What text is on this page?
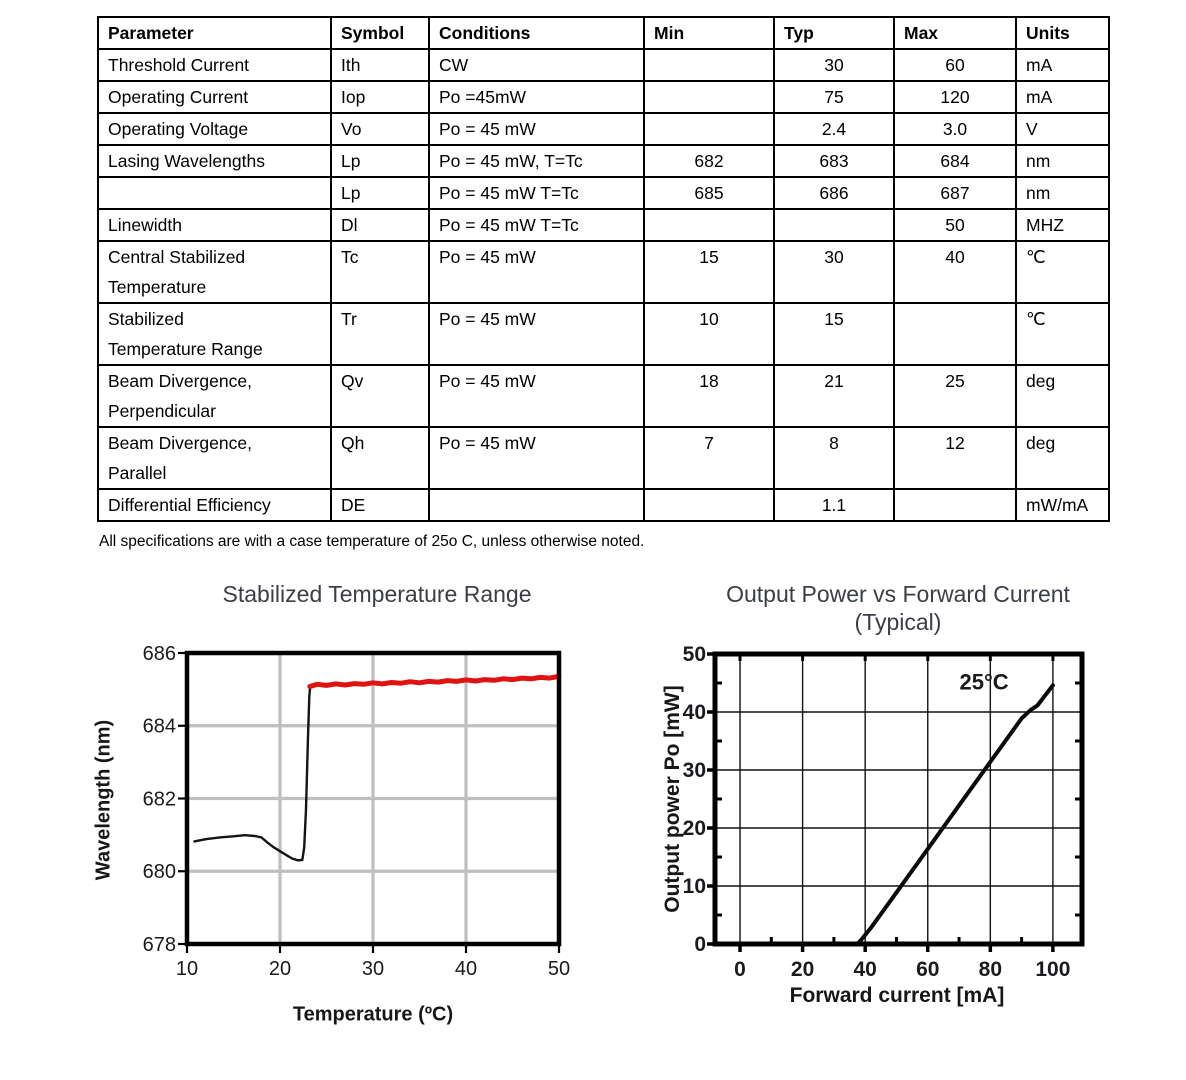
Parameter	Symbol	Conditions	Min	Typ	Max	Units

Threshold Current	Ith	CW		30	60	mA

Operating Current	Iop	Po =45mW		75	120	mA

Operating Voltage	Vo	Po = 45 mW		2.4	3.0	V

Lasing Wavelengths	Lp	Po = 45 mW, T=Tc	682	683	684	nm

	Lp	Po = 45 mW T=Tc	685	686	687	nm

Linewidth	Dl	Po = 45 mW T=Tc			50	MHZ

Central Stabilized
Temperature	Tc	Po = 45 mW	15	30	40	℃

Stabilized
Temperature Range	Tr	Po = 45 mW	10	15		℃

Beam Divergence,
Perpendicular	Qv	Po = 45 mW	18	21	25	deg

Beam Divergence,
Parallel	Qh	Po = 45 mW	7	8	12	deg

Differential Efficiency	DE			1.1		mW/mA
All specifications are with a case temperature of 25o C, unless otherwise noted.
Stabilized Temperature Range
10	20	30	40	50
678
680
682
684
686
Wavelength (nm)
Temperature (ºC)
Output Power vs Forward Current
(Typical)
0 20 40 60 80 100
0
10
20
30
40
50
25°C
Output power Po [mW]
Forward current [mA]
